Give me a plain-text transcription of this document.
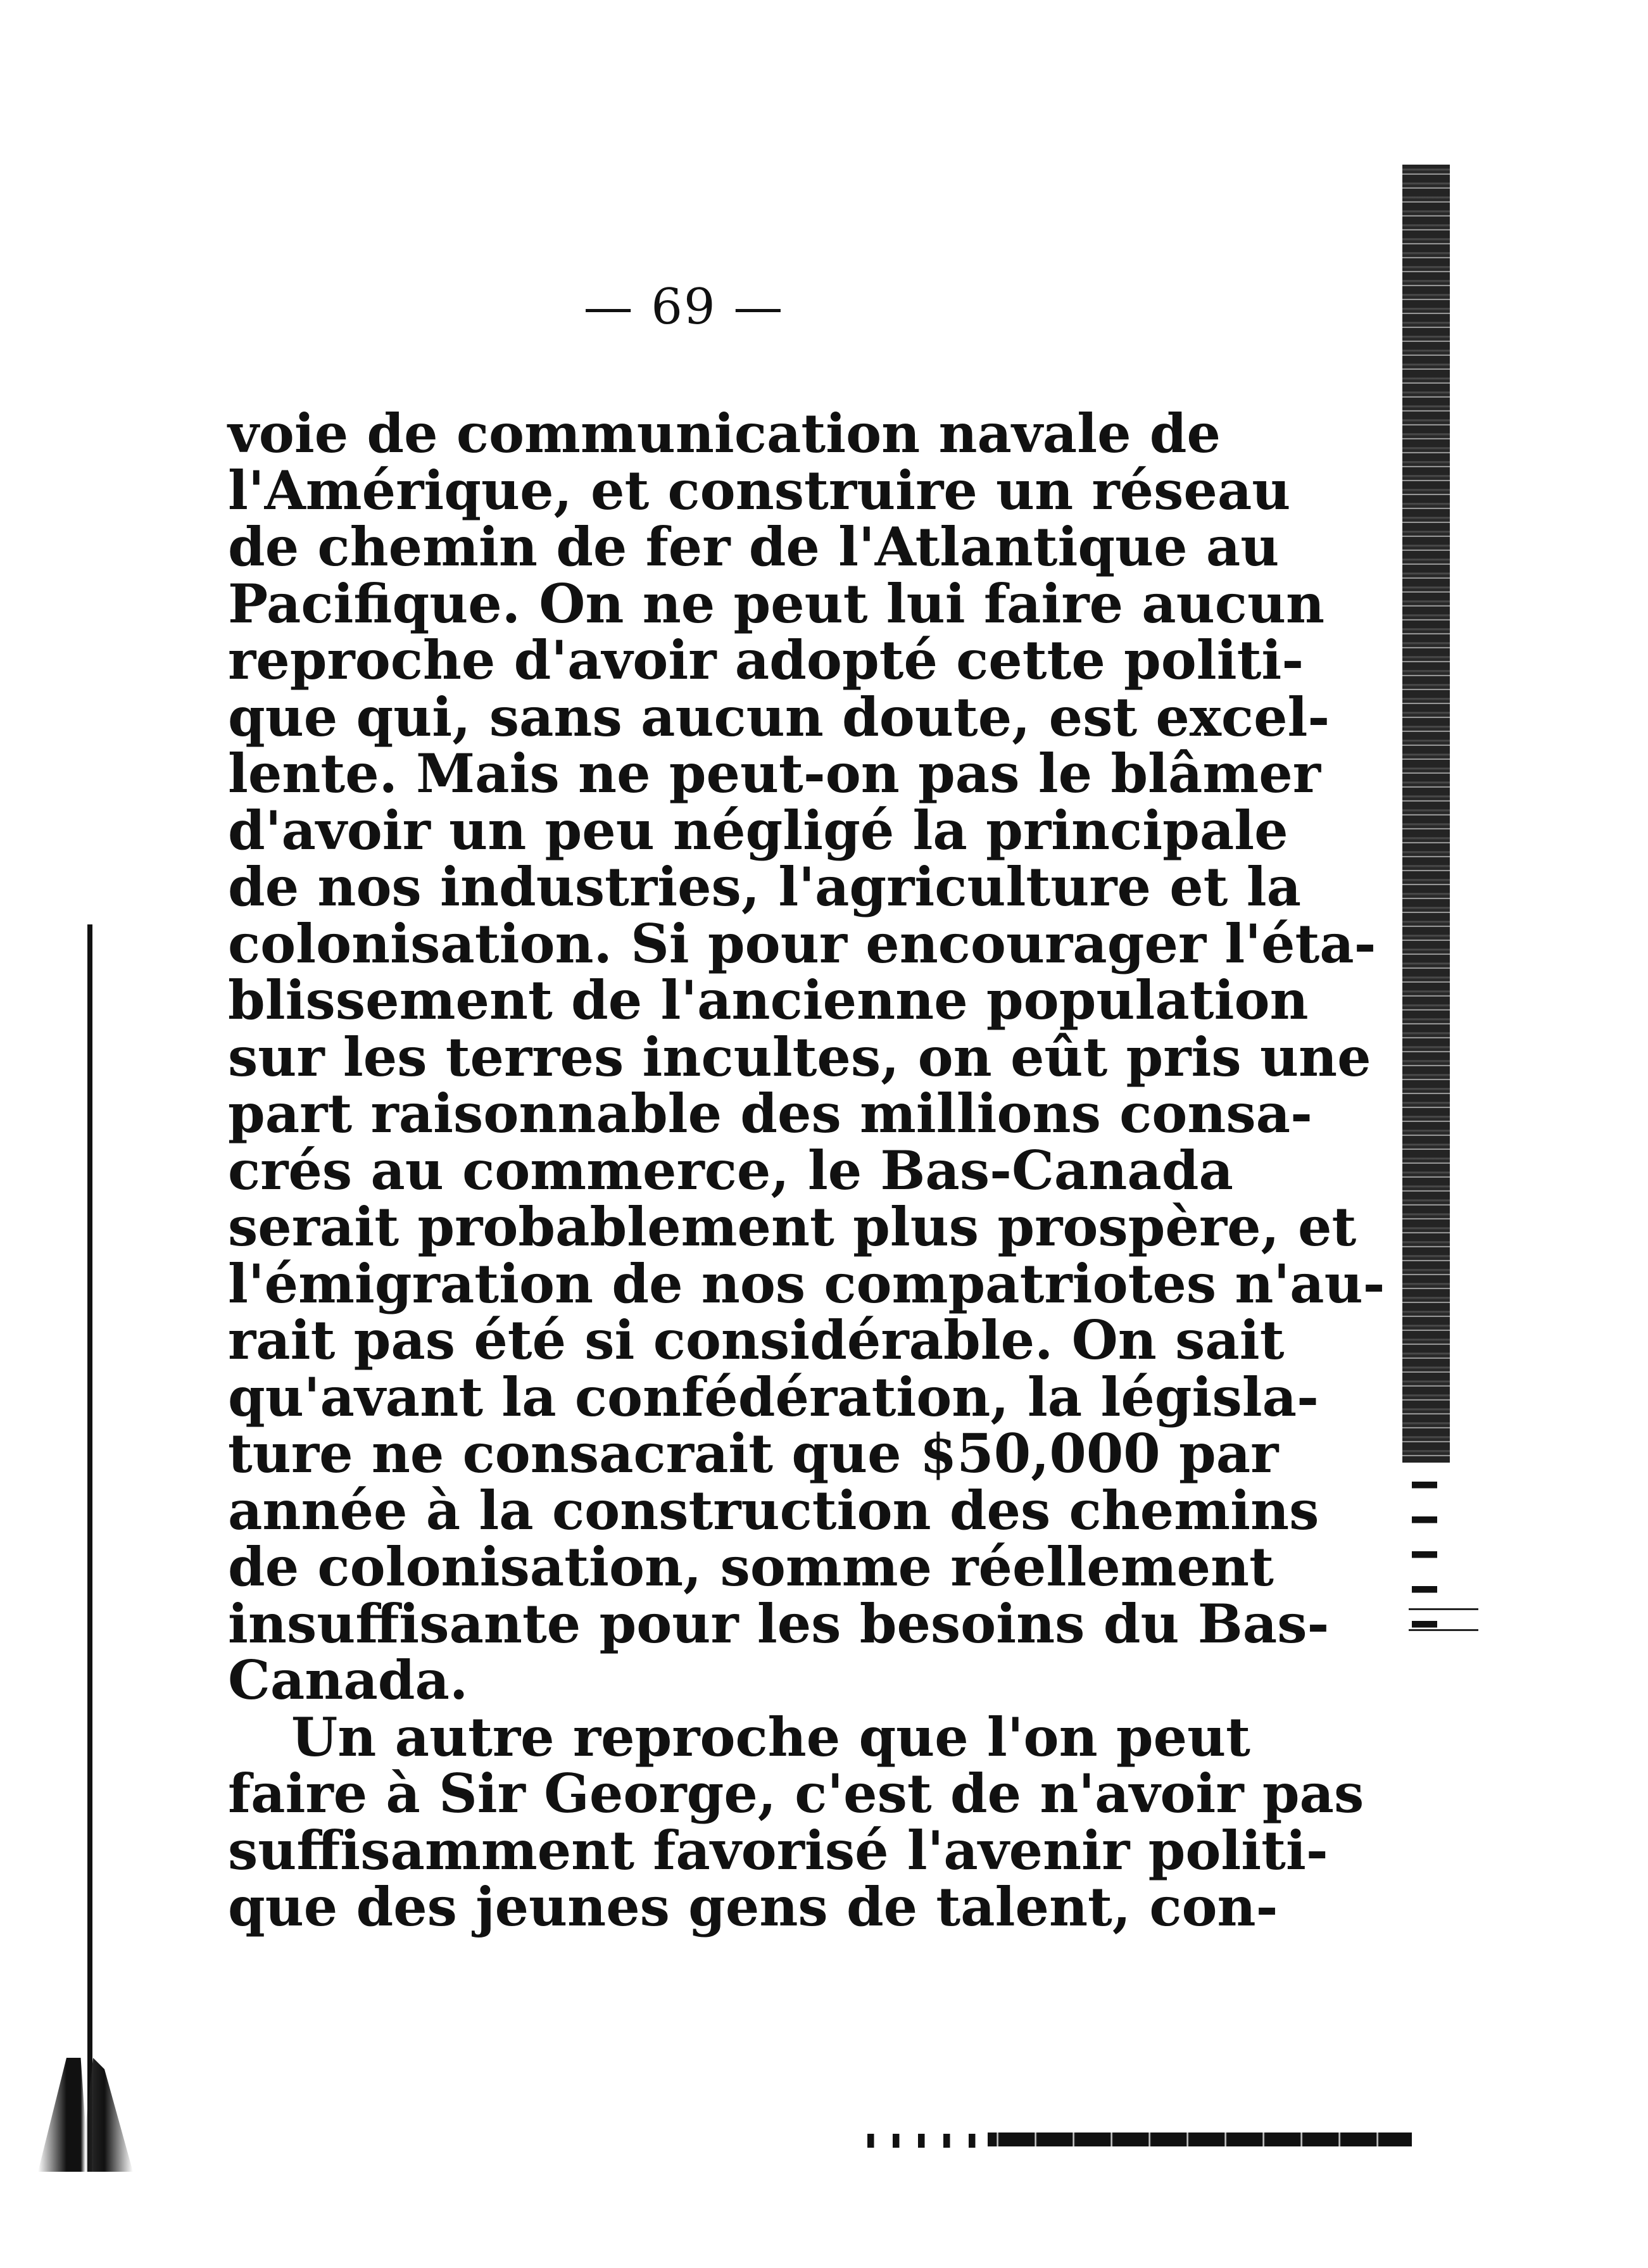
— 69 —
voie de communication navale de
l'Amérique, et construire un réseau
de chemin de fer de l'Atlantique au
Pacifique. On ne peut lui faire aucun
reproche d'avoir adopté cette politi-
que qui, sans aucun doute, est excel-
lente. Mais ne peut-on pas le blâmer
d'avoir un peu négligé la principale
de nos industries, l'agriculture et la
colonisation. Si pour encourager l'éta-
blissement de l'ancienne population
sur les terres incultes, on eût pris une
part raisonnable des millions consa-
crés au commerce, le Bas-Canada
serait probablement plus prospère, et
l'émigration de nos compatriotes n'au-
rait pas été si considérable. On sait
qu'avant la confédération, la législa-
ture ne consacrait que $50,000 par
année à la construction des chemins
de colonisation, somme réellement
insuffisante pour les besoins du Bas-
Canada.
Un autre reproche que l'on peut
faire à Sir George, c'est de n'avoir pas
suffisamment favorisé l'avenir politi-
que des jeunes gens de talent, con-
